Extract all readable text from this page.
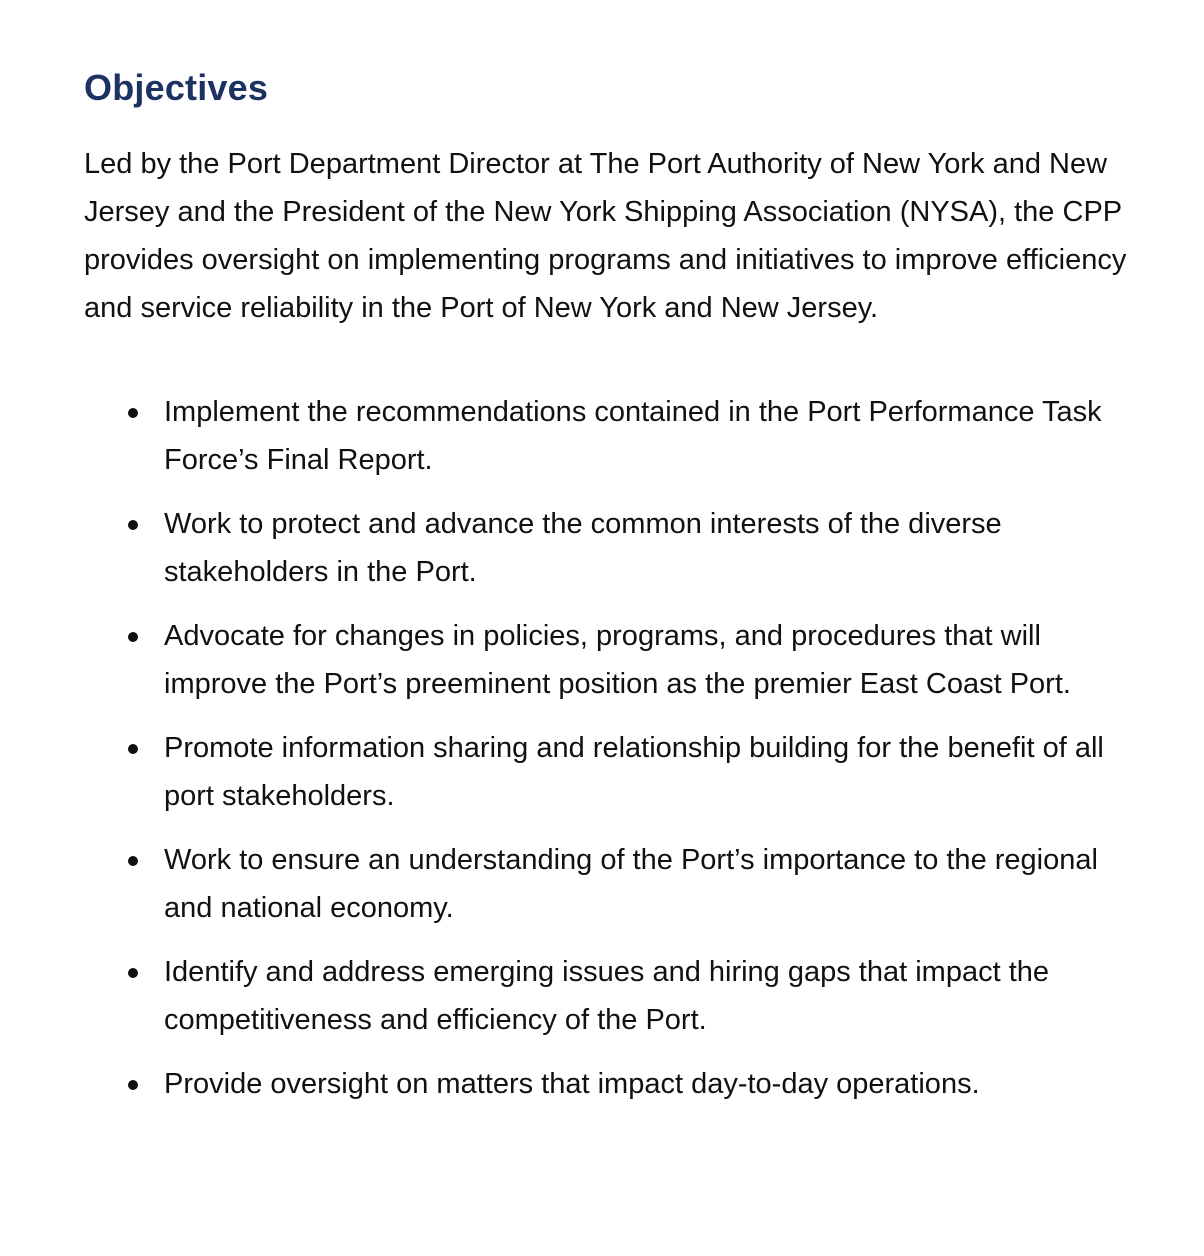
Objectives

Led by the Port Department Director at The Port Authority of New York and New Jersey and the President of the New York Shipping Association (NYSA), the CPP provides oversight on implementing programs and initiatives to improve efficiency and service reliability in the Port of New York and New Jersey.

Implement the recommendations contained in the Port Performance Task Force’s Final Report.
Work to protect and advance the common interests of the diverse stakeholders in the Port.
Advocate for changes in policies, programs, and procedures that will improve the Port’s preeminent position as the premier East Coast Port.
Promote information sharing and relationship building for the benefit of all port stakeholders.
Work to ensure an understanding of the Port’s importance to the regional and national economy.
Identify and address emerging issues and hiring gaps that impact the competitiveness and efficiency of the Port.
Provide oversight on matters that impact day-to-day operations.
